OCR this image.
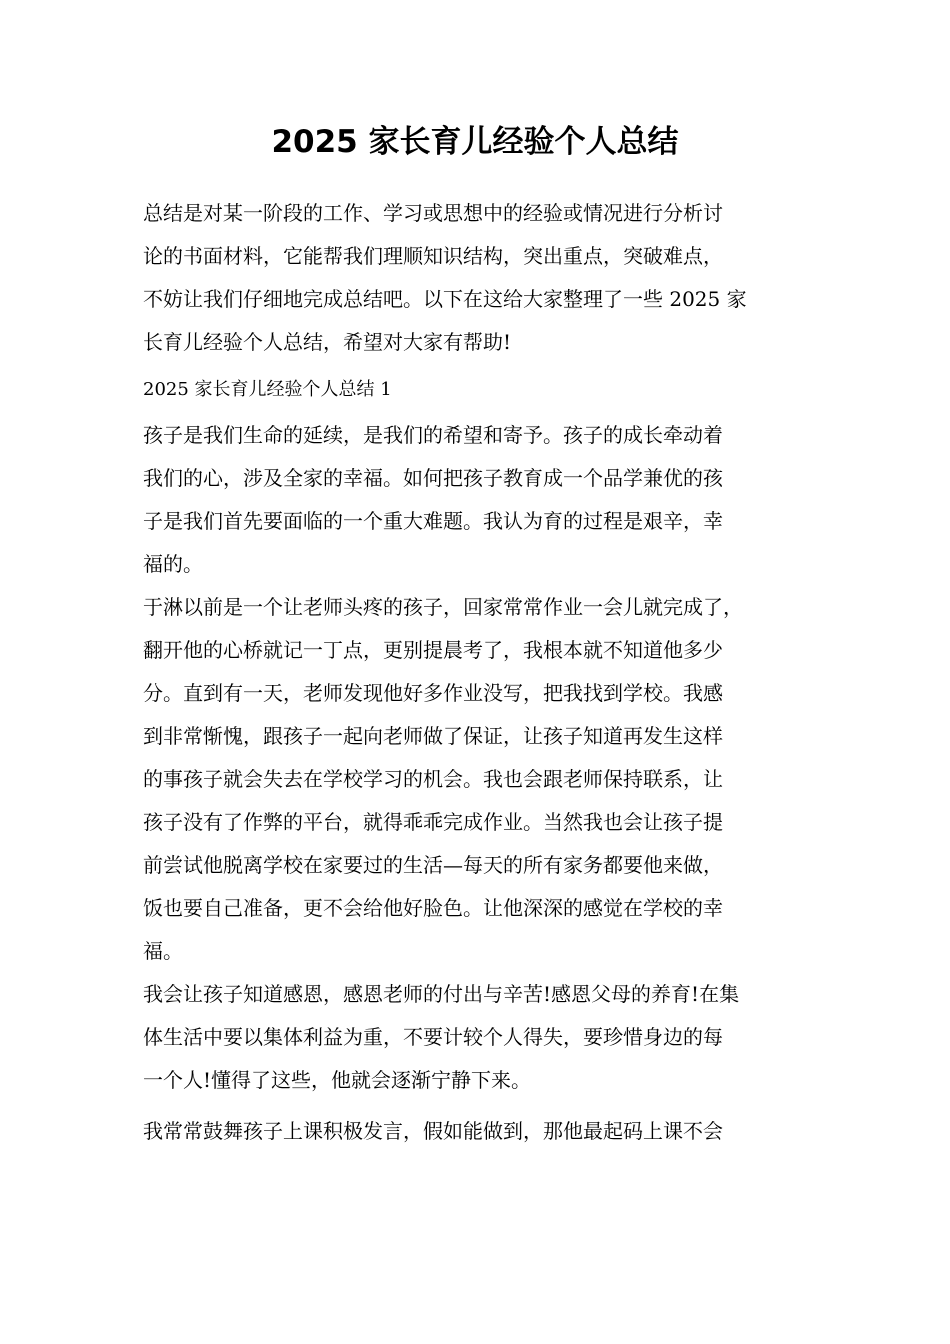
2025 家长育儿经验个人总结

总结是对某一阶段的工作、学习或思想中的经验或情况进行分析讨
论的书面材料，它能帮我们理顺知识结构，突出重点，突破难点，
不妨让我们仔细地完成总结吧。以下在这给大家整理了一些 2025 家
长育儿经验个人总结，希望对大家有帮助!

2025 家长育儿经验个人总结 1

孩子是我们生命的延续，是我们的希望和寄予。孩子的成长牵动着
我们的心，涉及全家的幸福。如何把孩子教育成一个品学兼优的孩
子是我们首先要面临的一个重大难题。我认为育的过程是艰辛，幸
福的。

于淋以前是一个让老师头疼的孩子，回家常常作业一会儿就完成了，
翻开他的心桥就记一丁点，更别提晨考了，我根本就不知道他多少
分。直到有一天，老师发现他好多作业没写，把我找到学校。我感
到非常惭愧，跟孩子一起向老师做了保证，让孩子知道再发生这样
的事孩子就会失去在学校学习的机会。我也会跟老师保持联系，让
孩子没有了作弊的平台，就得乖乖完成作业。当然我也会让孩子提
前尝试他脱离学校在家要过的生活—每天的所有家务都要他来做，
饭也要自己准备，更不会给他好脸色。让他深深的感觉在学校的幸
福。

我会让孩子知道感恩，感恩老师的付出与辛苦!感恩父母的养育!在集
体生活中要以集体利益为重，不要计较个人得失，要珍惜身边的每
一个人!懂得了这些，他就会逐渐宁静下来。

我常常鼓舞孩子上课积极发言，假如能做到，那他最起码上课不会
